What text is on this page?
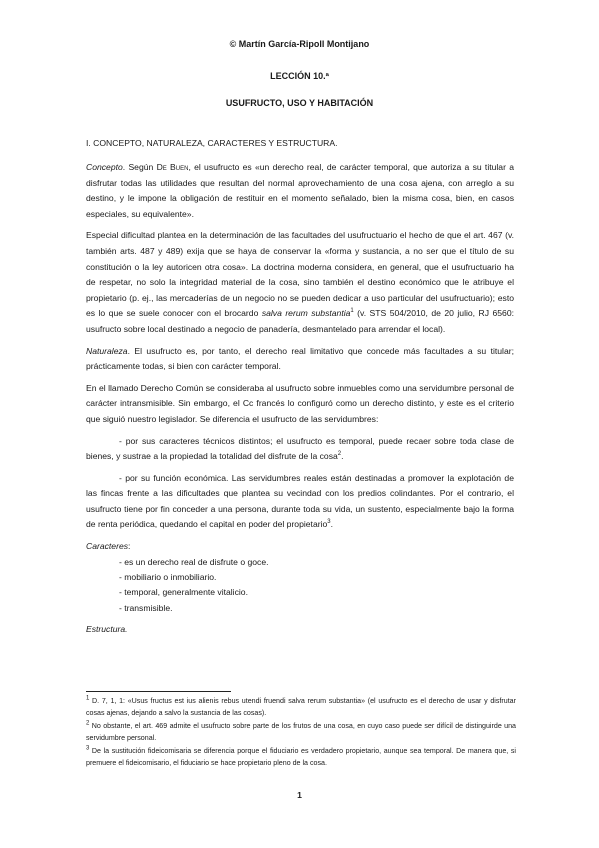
© Martín García-Ripoll Montijano
LECCIÓN 10.ª
USUFRUCTO, USO Y HABITACIÓN
I. CONCEPTO, NATURALEZA, CARACTERES Y ESTRUCTURA.

Concepto. Según De Buen, el usufructo es «un derecho real, de carácter temporal, que autoriza a su titular a disfrutar todas las utilidades que resultan del normal aprovechamiento de una cosa ajena, con arreglo a su destino, y le impone la obligación de restituir en el momento señalado, bien la misma cosa, bien, en casos especiales, su equivalente».

Especial dificultad plantea en la determinación de las facultades del usufructuario el hecho de que el art. 467 (v. también arts. 487 y 489) exija que se haya de conservar la «forma y sustancia, a no ser que el título de su constitución o la ley autoricen otra cosa». La doctrina moderna considera, en general, que el usufructuario ha de respetar, no solo la integridad material de la cosa, sino también el destino económico que le atribuye el propietario (p. ej., las mercaderías de un negocio no se pueden dedicar a uso particular del usufructuario); esto es lo que se suele conocer con el brocardo salva rerum substantia$^1$ (v. STS 504/2010, de 20 julio, RJ 6560: usufructo sobre local destinado a negocio de panadería, desmantelado para arrendar el local).

Naturaleza. El usufructo es, por tanto, el derecho real limitativo que concede más facultades a su titular; prácticamente todas, si bien con carácter temporal.

En el llamado Derecho Común se consideraba al usufructo sobre inmuebles como una servidumbre personal de carácter intransmisible. Sin embargo, el Cc francés lo configuró como un derecho distinto, y este es el criterio que siguió nuestro legislador. Se diferencia el usufructo de las servidumbres:

- por sus caracteres técnicos distintos; el usufructo es temporal, puede recaer sobre toda clase de bienes, y sustrae a la propiedad la totalidad del disfrute de la cosa$^2$.

- por su función económica. Las servidumbres reales están destinadas a promover la explotación de las fincas frente a las dificultades que plantea su vecindad con los predios colindantes. Por el contrario, el usufructo tiene por fin conceder a una persona, durante toda su vida, un sustento, especialmente bajo la forma de renta periódica, quedando el capital en poder del propietario$^3$.

Caracteres:

- es un derecho real de disfrute o goce.
- mobiliario o inmobiliario.
- temporal, generalmente vitalicio.
- transmisible.

Estructura.

$^1$ D. 7, 1, 1: «Usus fructus est ius alienis rebus utendi fruendi salva rerum substantia» (el usufructo es el derecho de usar y disfrutar cosas ajenas, dejando a salvo la sustancia de las cosas).
$^2$ No obstante, el art. 469 admite el usufructo sobre parte de los frutos de una cosa, en cuyo caso puede ser difícil de distinguirde una servidumbre personal.
$^3$ De la sustitución fideicomisaria se diferencia porque el fiduciario es verdadero propietario, aunque sea temporal. De manera que, si premuere el fideicomisario, el fiduciario se hace propietario pleno de la cosa.
1
